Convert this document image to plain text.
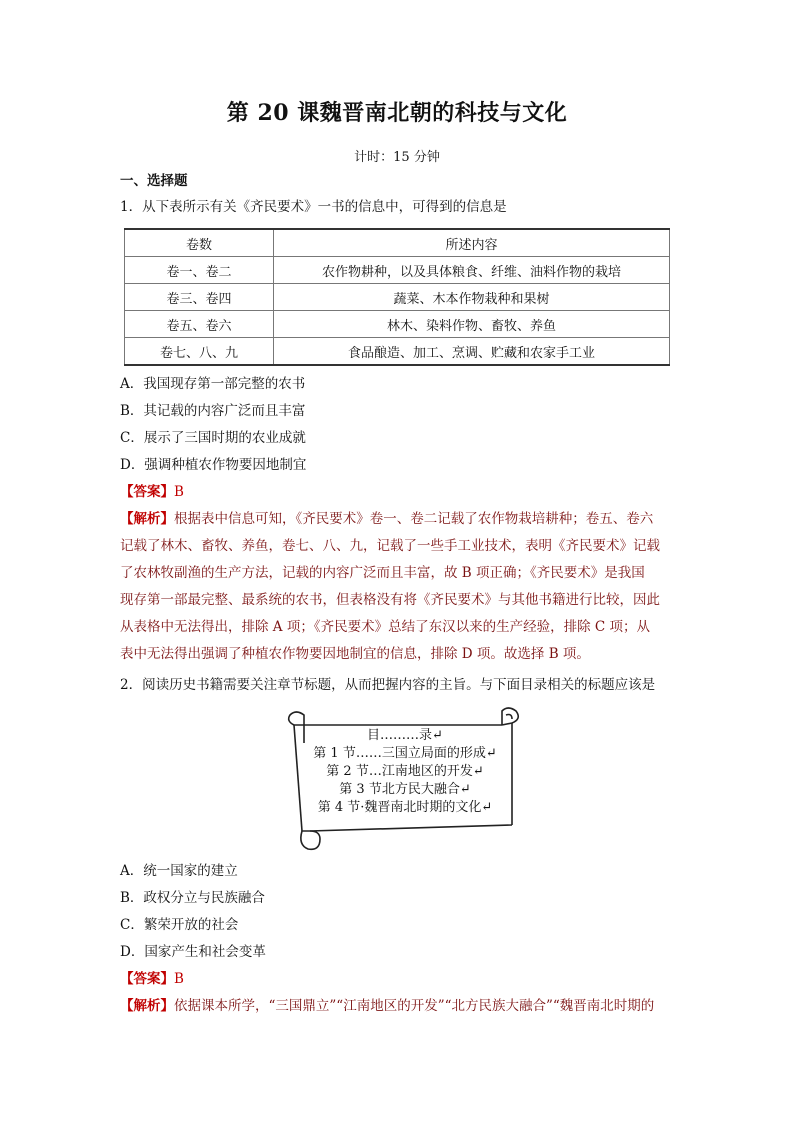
第 20 课魏晋南北朝的科技与文化
计时：15 分钟
一、选择题
1．从下表所示有关《齐民要术》一书的信息中，可得到的信息是
卷数	所述内容
卷一、卷二	农作物耕种，以及具体粮食、纤维、油料作物的栽培
卷三、卷四	蔬菜、木本作物栽种和果树
卷五、卷六	林木、染料作物、畜牧、养鱼
卷七、八、九	食品酿造、加工、烹调、贮藏和农家手工业
A．我国现存第一部完整的农书
B．其记载的内容广泛而且丰富
C．展示了三国时期的农业成就
D．强调种植农作物要因地制宜
【答案】B
【解析】根据表中信息可知，《齐民要术》卷一、卷二记载了农作物栽培耕种；卷五、卷六
记载了林木、畜牧、养鱼，卷七、八、九，记载了一些手工业技术，表明《齐民要术》记载
了农林牧副渔的生产方法，记载的内容广泛而且丰富，故 B 项正确；《齐民要术》是我国
现存第一部最完整、最系统的农书，但表格没有将《齐民要术》与其他书籍进行比较，因此
从表格中无法得出，排除 A 项；《齐民要术》总结了东汉以来的生产经验，排除 C 项；从
表中无法得出强调了种植农作物要因地制宜的信息，排除 D 项。故选择 B 项。
2．阅读历史书籍需要关注章节标题，从而把握内容的主旨。与下面目录相关的标题应该是
目………录↵
第 1 节……三国立局面的形成↵
第 2 节…江南地区的开发↵
第 3 节北方民大融合↵
第 4 节·魏晋南北时期的文化↵
A．统一国家的建立
B．政权分立与民族融合
C．繁荣开放的社会
D．国家产生和社会变革
【答案】B
【解析】依据课本所学，“三国鼎立”“江南地区的开发”“北方民族大融合”“魏晋南北时期的
